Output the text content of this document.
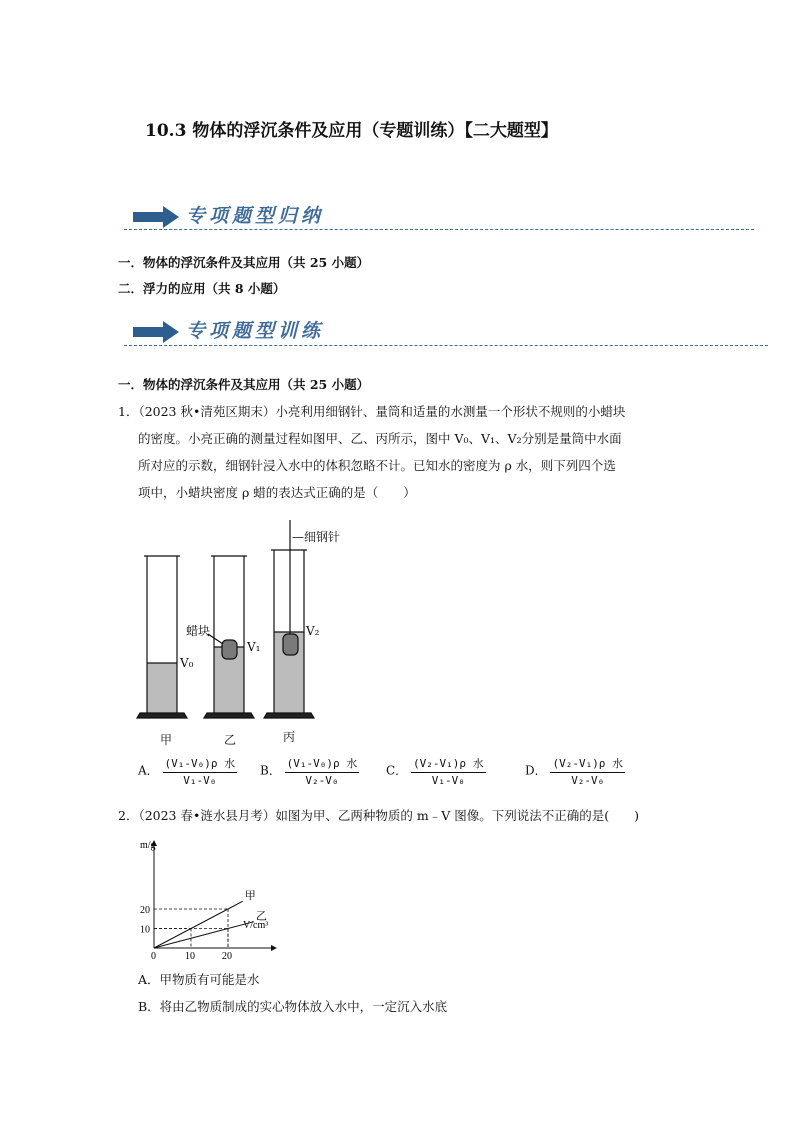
10.3 物体的浮沉条件及应用（专题训练）【二大题型】
专项题型归纳
一．物体的浮沉条件及其应用（共 25 小题）
二．浮力的应用（共 8 小题）
专项题型训练
一．物体的浮沉条件及其应用（共 25 小题）

1．（2023 秋•清苑区期末）小亮利用细钢针、量筒和适量的水测量一个形状不规则的小蜡块

的密度。小亮正确的测量过程如图甲、乙、丙所示，图中 V₀、V₁、V₂分别是量筒中水面

所对应的示数，细钢针浸入水中的体积忽略不计。已知水的密度为 ρ 水，则下列四个选

项中，小蜡块密度 ρ 蜡的表达式正确的是（　　）

—细钢针
蜡块
V₀
V₁
V₂
甲	乙	丙
A． $\frac{\text{(V₁-V₀)ρ 水}}{\text{V₁-V₀}}$ B． $\frac{\text{(V₁-V₀)ρ 水}}{\text{V₂-V₀}}$ C． $\frac{\text{(V₂-V₁)ρ 水}}{\text{V₁-V₀}}$	D． $\frac{\text{(V₂-V₁)ρ 水}}{\text{V₂-V₀}}$
2．（2023 春•涟水县月考）如图为甲、乙两种物质的 m﹣V 图像。下列说法不正确的是(　　)
m/g
V/cm³
0	10	20
10
20
甲
乙
A．甲物质有可能是水
B．将由乙物质制成的实心物体放入水中，一定沉入水底
